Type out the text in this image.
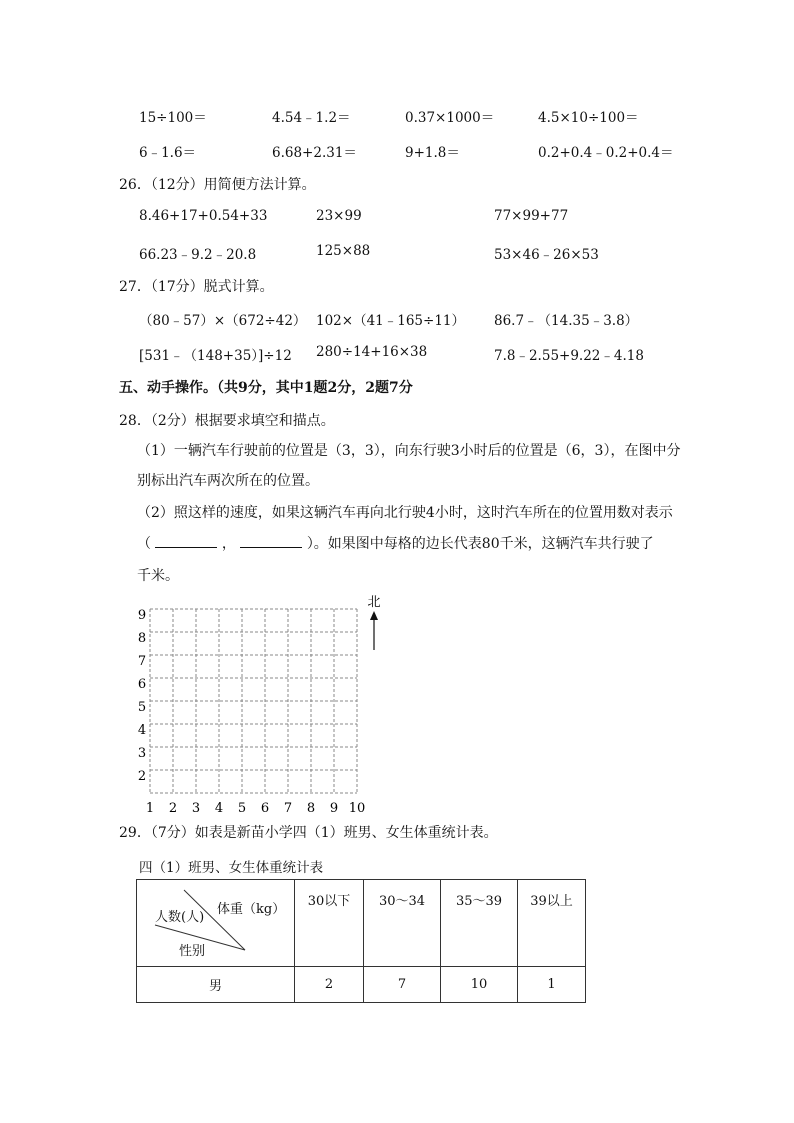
15÷100＝	4.54﹣1.2＝	0.37×1000＝	4.5×10÷100＝
6﹣1.6＝	6.68+2.31＝	9+1.8＝	0.2+0.4﹣0.2+0.4＝
26．（12分）用简便方法计算。
8.46+17+0.54+33	23×99	77×99+77
66.23﹣9.2﹣20.8	125×88	53×46﹣26×53
27．（17分）脱式计算。
（80﹣57）×（672÷42） 102×（41﹣165÷11） 86.7﹣（14.35﹣3.8）
[531﹣（148+35）]÷12 280÷14+16×38	7.8﹣2.55+9.22﹣4.18
五、动手操作。（共9分，其中1题2分，2题7分
28．（2分）根据要求填空和描点。
（1）一辆汽车行驶前的位置是（3，3），向东行驶3小时后的位置是（6，3），在图中分
别标出汽车两次所在的位置。
（2）照这样的速度，如果这辆汽车再向北行驶4小时，这时汽车所在的位置用数对表示
（	，	）。如果图中每格的边长代表80千米，这辆汽车共行驶了
千米。
1 2 3 4 5 6 7 8 9 10
2
3
4
5
6
7
8
9
北
29．（7分）如表是新苗小学四（1）班男、女生体重统计表。
四（1）班男、女生体重统计表
体重（kg）
人数(人)
性别	30以下	30～34	35～39	39以上
男	2	7	10	1
